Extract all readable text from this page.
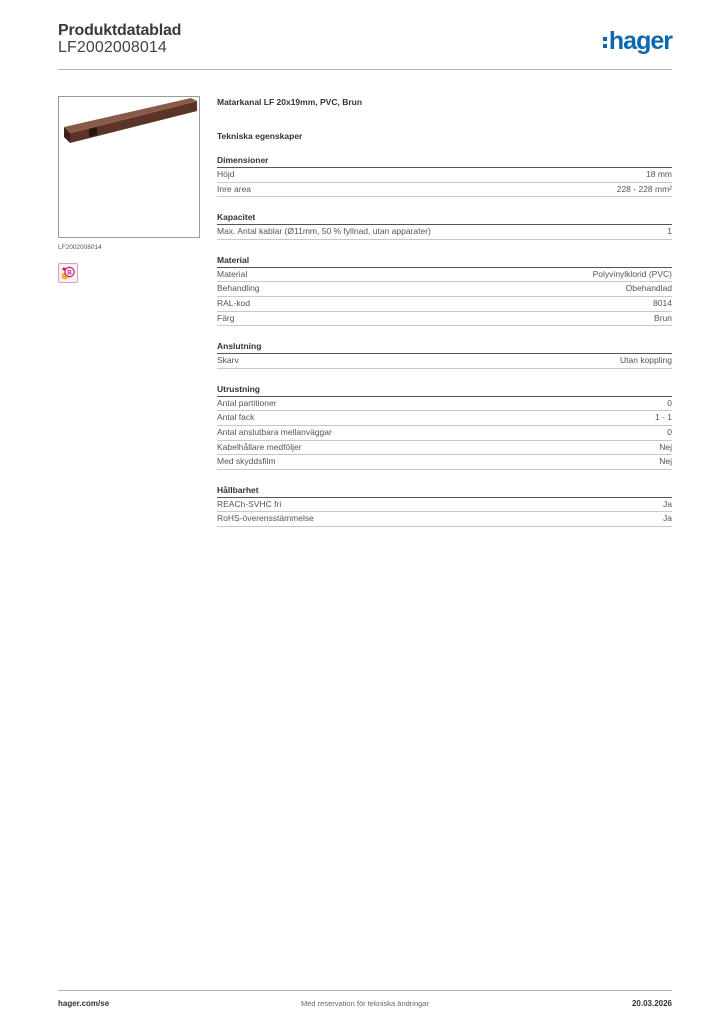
Produktdatablad
LF2002008014	hager
LF2002008014
B
Matarkanal LF 20x19mm, PVC, Brun
Tekniska egenskaper
Dimensioner
Höjd	18 mm
Inre area	228 - 228 mm²
Kapacitet
Max. Antal kablar (Ø11mm, 50 % fyllnad, utan apparater)	1
Material
Material	Polyvinylklorid (PVC)
Behandling	Obehandlad
RAL-kod	8014
Färg	Brun
Anslutning
Skarv	Utan koppling
Utrustning
Antal partitioner	0
Antal fack	1 - 1
Antal anslutbara mellanväggar	0
Kabelhållare medföljer	Nej
Med skyddsfilm	Nej
Hållbarhet
REACh-SVHC fri	Ja
RoHS-överensstämmelse	Ja
hager.com/se	Med reservation för tekniska ändringar	20.03.2026
